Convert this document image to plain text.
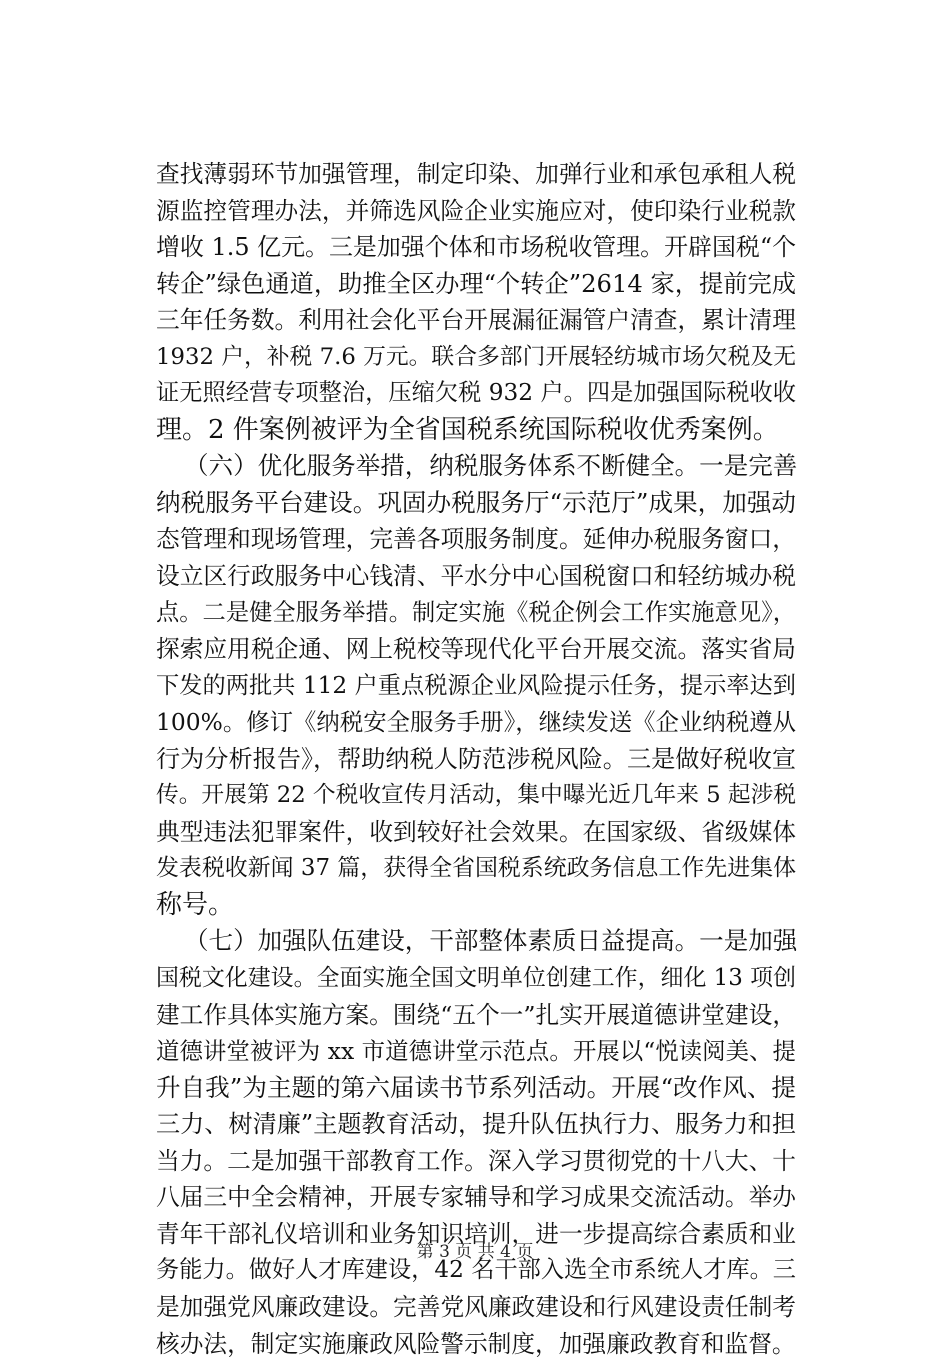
查找薄弱环节加强管理，制定印染、加弹行业和承包承租人税
源监控管理办法，并筛选风险企业实施应对，使印染行业税款
增收 1.5 亿元。三是加强个体和市场税收管理。开辟国税“个
转企”绿色通道，助推全区办理“个转企”2614 家，提前完成
三年任务数。利用社会化平台开展漏征漏管户清查，累计清理
1932 户，补税 7.6 万元。联合多部门开展轻纺城市场欠税及无
证无照经营专项整治，压缩欠税 932 户。四是加强国际税收收
理。2 件案例被评为全省国税系统国际税收优秀案例。
（六）优化服务举措，纳税服务体系不断健全。一是完善
纳税服务平台建设。巩固办税服务厅“示范厅”成果，加强动
态管理和现场管理，完善各项服务制度。延伸办税服务窗口，
设立区行政服务中心钱清、平水分中心国税窗口和轻纺城办税
点。二是健全服务举措。制定实施《税企例会工作实施意见》，
探索应用税企通、网上税校等现代化平台开展交流。落实省局
下发的两批共 112 户重点税源企业风险提示任务，提示率达到
100%。修订《纳税安全服务手册》，继续发送《企业纳税遵从
行为分析报告》，帮助纳税人防范涉税风险。三是做好税收宣
传。开展第 22 个税收宣传月活动，集中曝光近几年来 5 起涉税
典型违法犯罪案件，收到较好社会效果。在国家级、省级媒体
发表税收新闻 37 篇，获得全省国税系统政务信息工作先进集体
称号。
（七）加强队伍建设，干部整体素质日益提高。一是加强
国税文化建设。全面实施全国文明单位创建工作，细化 13 项创
建工作具体实施方案。围绕“五个一”扎实开展道德讲堂建设，
道德讲堂被评为 xx 市道德讲堂示范点。开展以“悦读阅美、提
升自我”为主题的第六届读书节系列活动。开展“改作风、提
三力、树清廉”主题教育活动，提升队伍执行力、服务力和担
当力。二是加强干部教育工作。深入学习贯彻党的十八大、十
八届三中全会精神，开展专家辅导和学习成果交流活动。举办
青年干部礼仪培训和业务知识培训，进一步提高综合素质和业
务能力。做好人才库建设，42 名干部入选全市系统人才库。三
是加强党风廉政建设。完善党风廉政建设和行风建设责任制考
核办法，制定实施廉政风险警示制度，加强廉政教育和监督。
第 3 页 共 4 页
